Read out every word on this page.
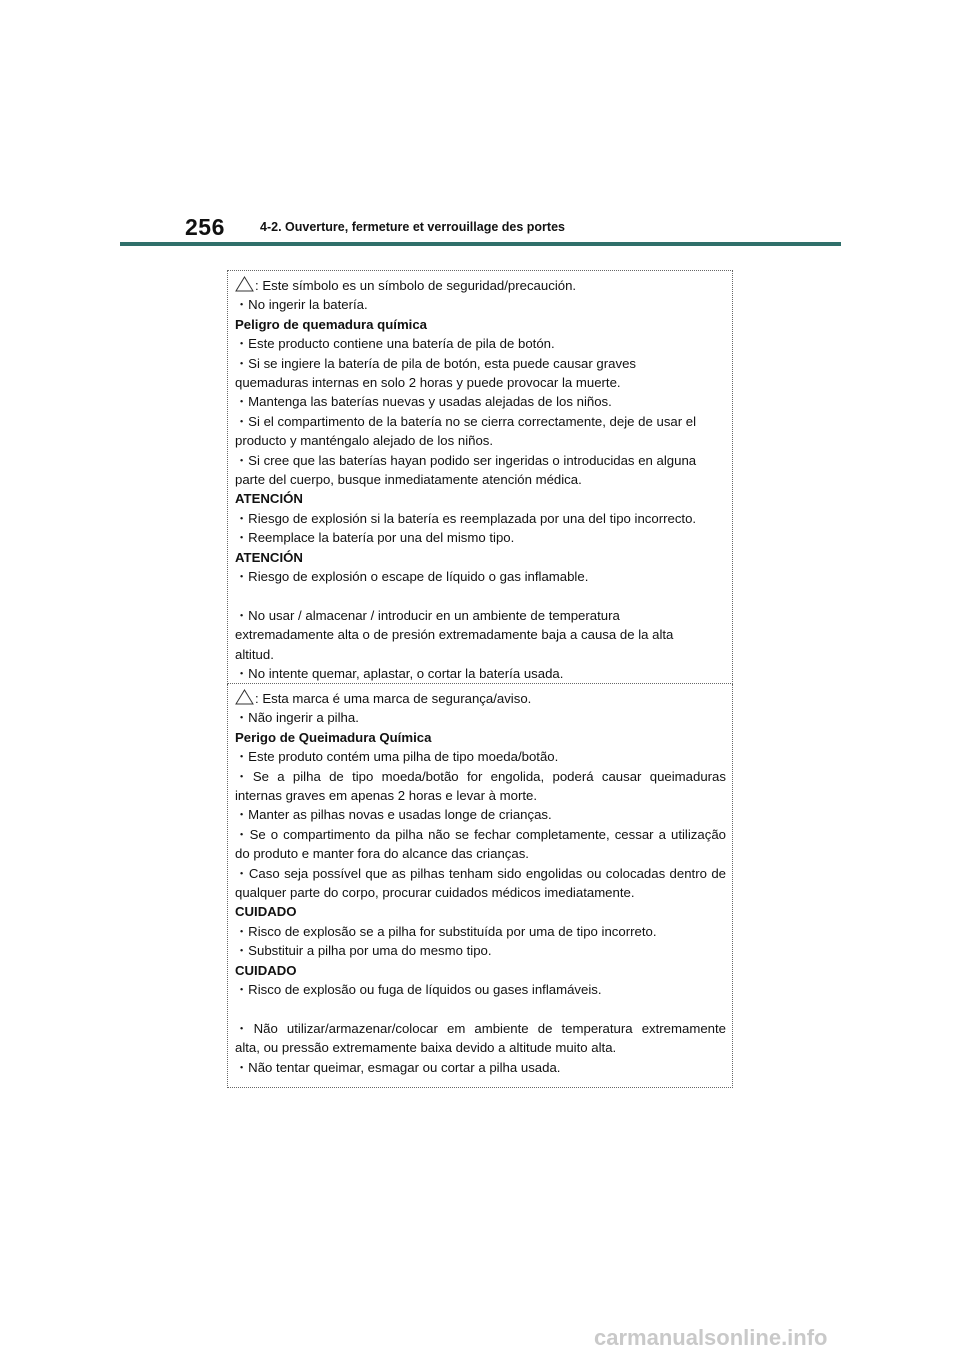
256	4-2. Ouverture, fermeture et verrouillage des portes

: Este símbolo es un símbolo de seguridad/precaución.

・No ingerir la batería.

Peligro de quemadura química

・Este producto contiene una batería de pila de botón.

・Si se ingiere la batería de pila de botón, esta puede causar graves

quemaduras internas en solo 2 horas y puede provocar la muerte.

・Mantenga las baterías nuevas y usadas alejadas de los niños.

・Si el compartimento de la batería no se cierra correctamente, deje de usar el

producto y manténgalo alejado de los niños.

・Si cree que las baterías hayan podido ser ingeridas o introducidas en alguna

parte del cuerpo, busque inmediatamente atención médica.

ATENCIÓN

・Riesgo de explosión si la batería es reemplazada por una del tipo incorrecto.

・Reemplace la batería por una del mismo tipo.

ATENCIÓN

・Riesgo de explosión o escape de líquido o gas inflamable.

・No usar / almacenar / introducir en un ambiente de temperatura

extremadamente alta o de presión extremadamente baja a causa de la alta

altitud.

・No intente quemar, aplastar, o cortar la batería usada.

: Esta marca é uma marca de segurança/aviso.

・Não ingerir a pilha.

Perigo de Queimadura Química

・Este produto contém uma pilha de tipo moeda/botão.

・Se a pilha de tipo moeda/botão for engolida, poderá causar queimaduras

internas graves em apenas 2 horas e levar à morte.

・Manter as pilhas novas e usadas longe de crianças.

・Se o compartimento da pilha não se fechar completamente, cessar a utilização

do produto e manter fora do alcance das crianças.

・Caso seja possível que as pilhas tenham sido engolidas ou colocadas dentro de

qualquer parte do corpo, procurar cuidados médicos imediatamente.

CUIDADO

・Risco de explosão se a pilha for substituída por uma de tipo incorreto.

・Substituir a pilha por uma do mesmo tipo.

CUIDADO

・Risco de explosão ou fuga de líquidos ou gases inflamáveis.

・Não utilizar/armazenar/colocar em ambiente de temperatura extremamente

alta, ou pressão extremamente baixa devido a altitude muito alta.

・Não tentar queimar, esmagar ou cortar a pilha usada.

carmanualsonline.info
